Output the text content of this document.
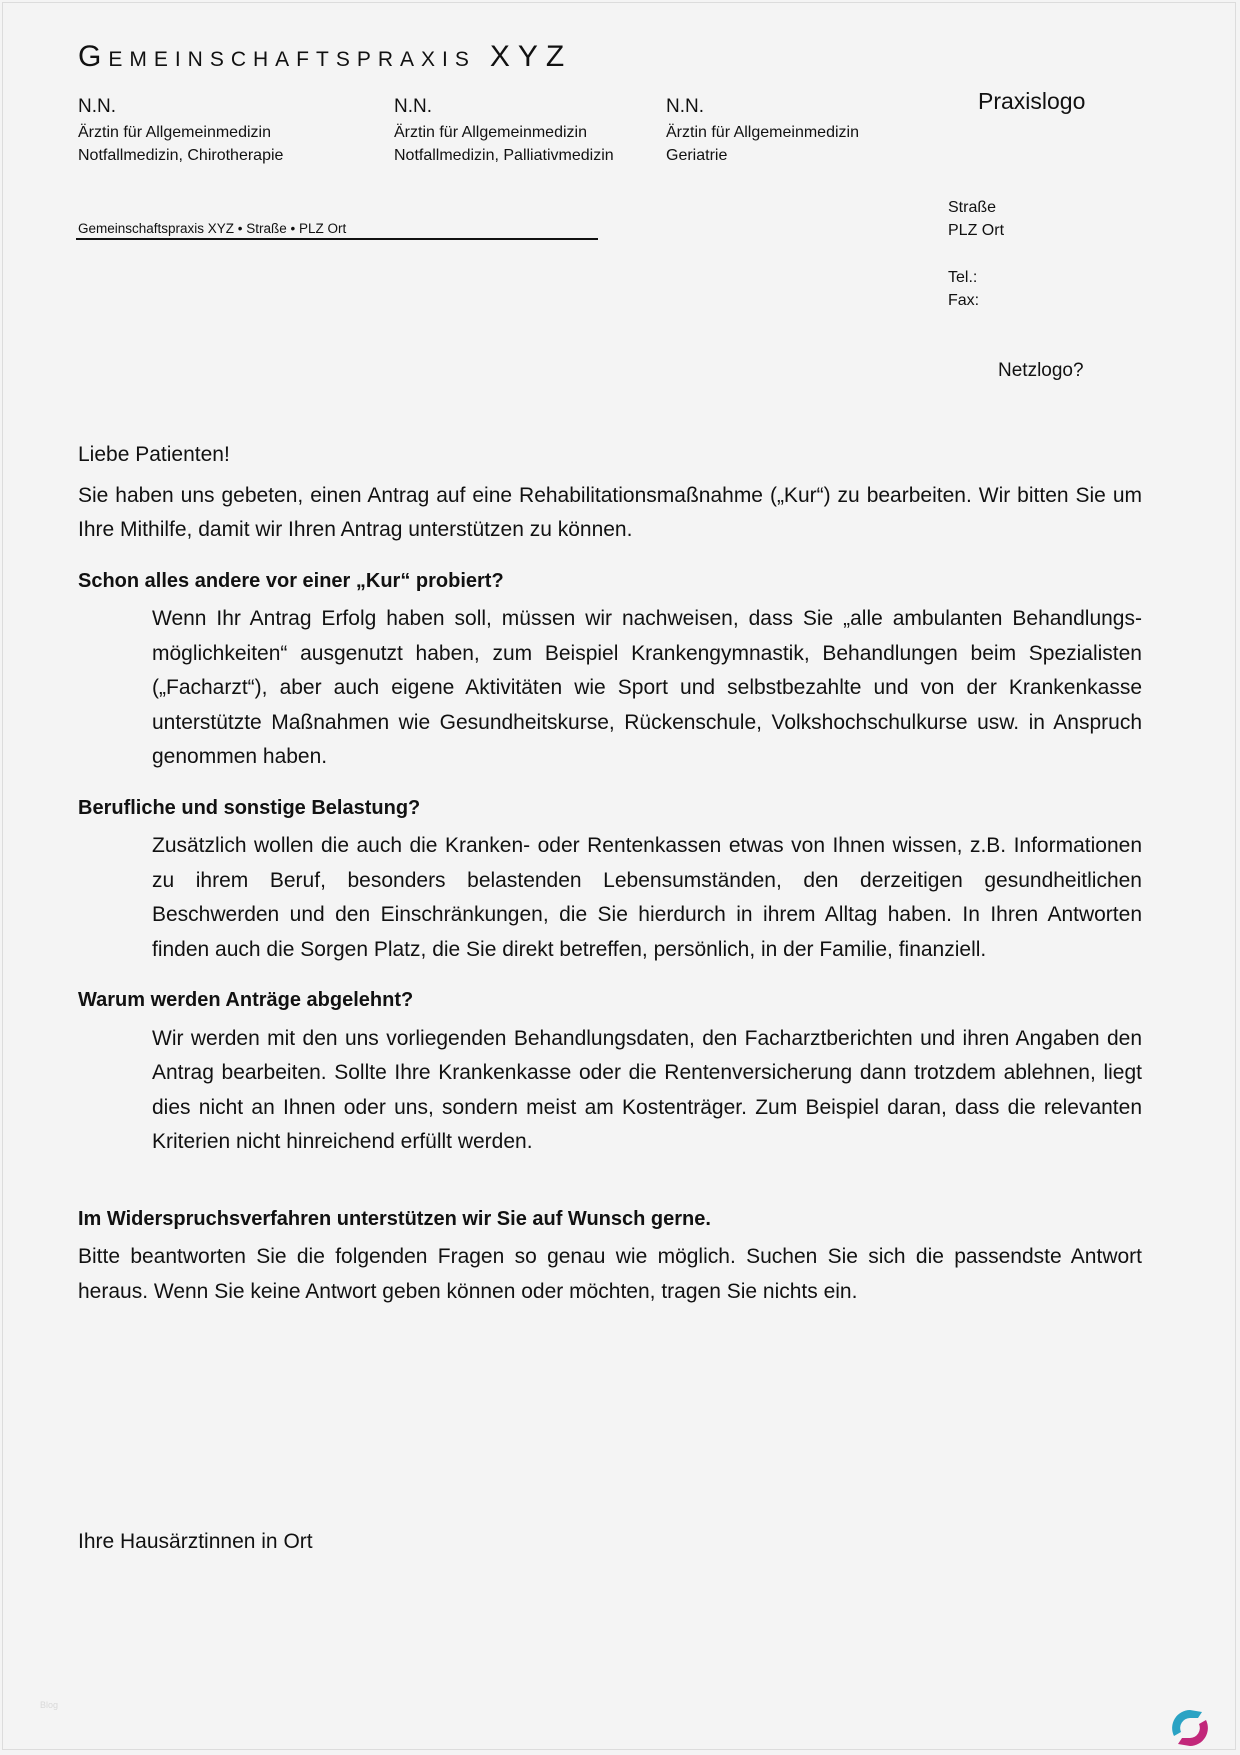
Gemeinschaftspraxis XYZ
N.N.
Ärztin für Allgemeinmedizin
Notfallmedizin, Chirotherapie
N.N.
Ärztin für Allgemeinmedizin
Notfallmedizin, Palliativmedizin
N.N.
Ärztin für Allgemeinmedizin
Geriatrie
Praxislogo
Straße
PLZ Ort
Tel.:
Fax:
Netzlogo?
Gemeinschaftspraxis XYZ • Straße • PLZ Ort

Liebe Patienten!

Sie haben uns gebeten, einen Antrag auf eine Rehabilitationsmaßnahme („Kur“) zu bearbeiten. Wir bitten Sie um Ihre Mithilfe, damit wir Ihren Antrag unterstützen zu können.

Schon alles andere vor einer „Kur“ probiert?

Wenn Ihr Antrag Erfolg haben soll, müssen wir nachweisen, dass Sie „alle ambulanten Behandlungsmöglichkeiten“ ausgenutzt haben, zum Beispiel Krankengymnastik, Behandlungen beim Spezialisten („Facharzt“), aber auch eigene Aktivitäten wie Sport und selbstbezahlte und von der Krankenkasse unterstützte Maßnahmen wie Gesundheitskurse, Rückenschule, Volkshochschulkurse usw. in Anspruch genommen haben.

Berufliche und sonstige Belastung?

Zusätzlich wollen die auch die Kranken- oder Rentenkassen etwas von Ihnen wissen, z.B. Informationen zu ihrem Beruf, besonders belastenden Lebensumständen, den derzeitigen gesundheitlichen Beschwerden und den Einschränkungen, die Sie hierdurch in ihrem Alltag haben. In Ihren Antworten finden auch die Sorgen Platz, die Sie direkt betreffen, persönlich, in der Familie, finanziell.

Warum werden Anträge abgelehnt?

Wir werden mit den uns vorliegenden Behandlungsdaten, den Facharztberichten und ihren Angaben den Antrag bearbeiten. Sollte Ihre Krankenkasse oder die Rentenversicherung dann trotzdem ablehnen, liegt dies nicht an Ihnen oder uns, sondern meist am Kostenträger. Zum Beispiel daran, dass die relevanten Kriterien nicht hinreichend erfüllt werden.

Im Widerspruchsverfahren unterstützen wir Sie auf Wunsch gerne.

Bitte beantworten Sie die folgenden Fragen so genau wie möglich. Suchen Sie sich die passendste Antwort heraus. Wenn Sie keine Antwort geben können oder möchten, tragen Sie nichts ein.

Ihre Hausärztinnen in Ort
Blog
